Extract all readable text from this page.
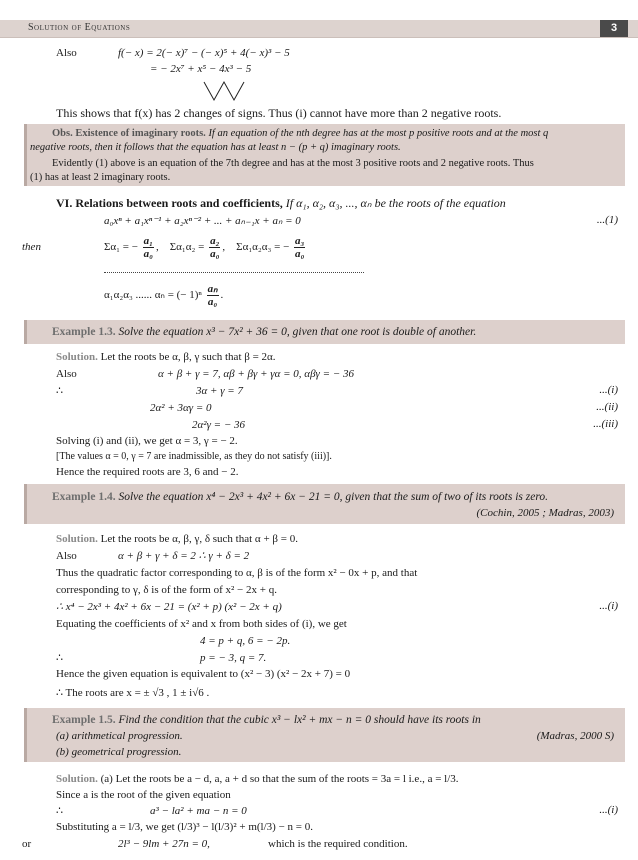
Solution of Equations	3
Also	f(− x) = 2(− x)⁷ − (− x)⁵ + 4(− x)³ − 5
= − 2x⁷ + x⁵ − 4x³ − 5
This shows that f(x) has 2 changes of signs. Thus (i) cannot have more than 2 negative roots.
Obs. Existence of imaginary roots. If an equation of the nth degree has at the most p positive roots and at the most q
negative roots, then it follows that the equation has at least n − (p + q) imaginary roots.
Evidently (1) above is an equation of the 7th degree and has at the most 3 positive roots and 2 negative roots. Thus
(1) has at least 2 imaginary roots.
VI. Relations between roots and coefficients, If α₁, α₂, α₃, ..., αₙ be the roots of the equation
a₀xⁿ + a₁xⁿ⁻¹ + a₂xⁿ⁻² + ... + aₙ₋₁x + aₙ = 0	...(1)
then	Σα₁ = − $\frac{\text{a₁}}{\text{a₀}}$ ,    $\Sigma\alpha_1\alpha_2 = \frac{\text{a₂}}{\text{a₀}}$ ,    Σα₁α₂α₃ = − $\frac{\text{a₃}}{\text{a₀}}$
α₁α₂α₃ ...... αₙ = (− $1)^n \frac{\text{aₙ}}{\text{a₀}}$ .
Example 1.3. Solve the equation x³ − 7x² + 36 = 0, given that one root is double of another.
Solution. Let the roots be α, β, γ such that β = 2α.
Also	α + β + γ = 7, αβ + βγ + γα = 0, αβγ = − 36
∴	3α + γ = 7	...(i)
2α² + 3αγ = 0	...(ii)
2α²γ = − 36	...(iii)
Solving (i) and (ii), we get α = 3, γ = − 2.
[The values α = 0, γ = 7 are inadmissible, as they do not satisfy (iii)].
Hence the required roots are 3, 6 and − 2.
Example 1.4. Solve the equation x⁴ − 2x³ + 4x² + 6x − 21 = 0, given that the sum of two of its roots is zero.
(Cochin, 2005 ; Madras, 2003)
Solution. Let the roots be α, β, γ, δ such that α + β = 0.
Also	α + β + γ + δ = 2 ∴ γ + δ = 2
Thus the quadratic factor corresponding to α, β is of the form x² − 0x + p, and that
corresponding to γ, δ is of the form of x² − 2x + q.
∴ x⁴ − 2x³ + 4x² + 6x − 21 = (x² + p) (x² − 2x + q)	...(i)
Equating the coefficients of x² and x from both sides of (i), we get
4 = p + q, 6 = − 2p.
∴	p = − 3, q = 7.
Hence the given equation is equivalent to (x² − 3) (x² − 2x + 7) = 0
∴ The roots are x = ± √3 , 1 ± i√6 .
Example 1.5. Find the condition that the cubic x³ − lx² + mx − n = 0 should have its roots in
(a) arithmetical progression.	(Madras, 2000 S)
(b) geometrical progression.
Solution. (a) Let the roots be a − d, a, a + d so that the sum of the roots = 3a = l i.e., a = l/3.
Since a is the root of the given equation
∴	a³ − la² + ma − n = 0	...(i)
Substituting a = l/3, we get (l/3)³ − l(l/3)² + m(l/3) − n = 0.
or	2l³ − 9lm + 27n = 0,	which is the required condition.
